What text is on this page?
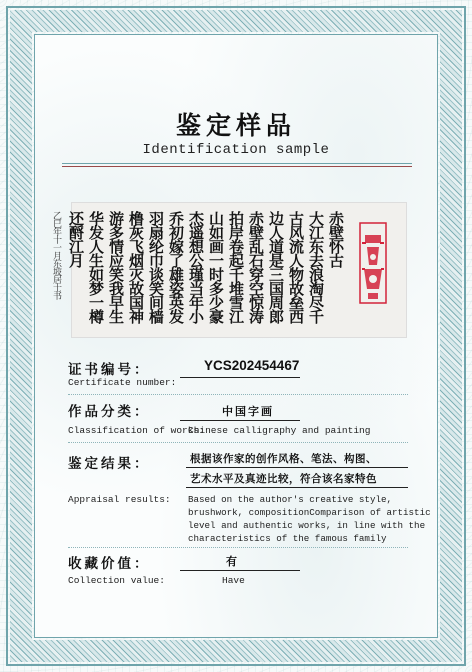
鉴定样品
Identification sample
赤壁怀古
大江东去浪淘尽千
古风流人物故垒西
边人道是三国周郎
赤壁乱石穿空惊涛
拍岸卷起千堆雪江
山如画一时多少豪
杰遥想公瑾当年小
乔初嫁了雄姿英发
羽扇纶巾谈笑间樯
橹灰飞烟灭故国神
游多情应笑我早生
华发人生如梦一樽
还酹江月
乙巳年十一月东坡居士书
证书编号：
Certificate number:
YCS202454467
作品分类：	中国字画
Classification of works:
Chinese calligraphy and painting
鉴定结果：	根据该作家的创作风格、笔法、构图、
艺术水平及真迹比较，符合该名家特色
Appraisal results: Based on the author's creative style,
brushwork, compositionComparison of artistic
level and authentic works, in line with the
characteristics of the famous family
收藏价值：	有
Collection value:	Have
